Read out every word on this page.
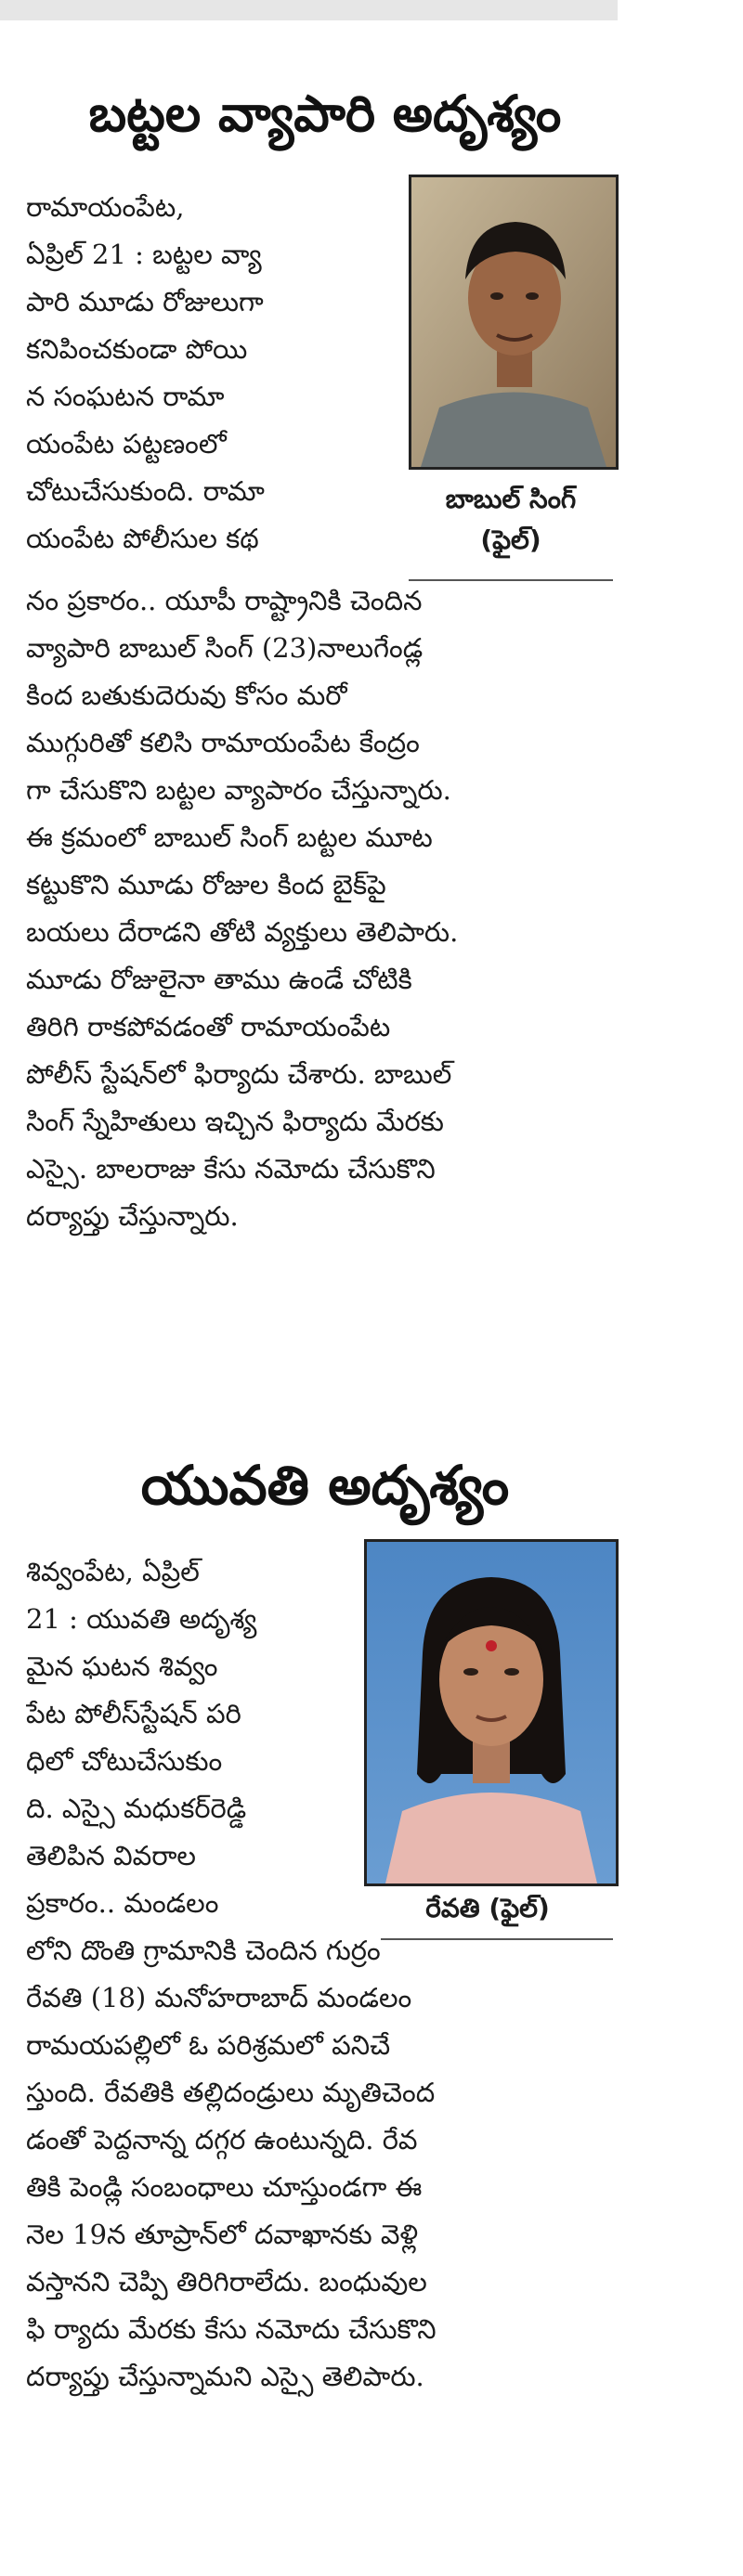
బట్టల వ్యాపారి అదృశ్యం
రామాయంపేట,
ఏప్రిల్ 21 : బట్టల వ్యా
పారి మూడు రోజులుగా
కనిపించకుండా పోయి
న సంఘటన రామా
యంపేట పట్టణంలో
చోటుచేసుకుంది. రామా
యంపేట పోలీసుల కథ
బాబుల్ సింగ్
(ఫైల్)
నం ప్రకారం.. యూపీ రాష్ట్రానికి చెందిన
వ్యాపారి బాబుల్ సింగ్ (23)నాలుగేండ్ల
కింద బతుకుదెరువు కోసం మరో
ముగ్గురితో కలిసి రామాయంపేట కేంద్రం
గా చేసుకొని బట్టల వ్యాపారం చేస్తున్నారు.
ఈ క్రమంలో బాబుల్ సింగ్ బట్టల మూట
కట్టుకొని మూడు రోజుల కింద బైక్‌పై
బయలు దేరాడని తోటి వ్యక్తులు తెలిపారు.
మూడు రోజులైనా తాము ఉండే చోటికి
తిరిగి రాకపోవడంతో రామాయంపేట
పోలీస్ స్టేషన్‌లో ఫిర్యాదు చేశారు. బాబుల్
సింగ్ స్నేహితులు ఇచ్చిన ఫిర్యాదు మేరకు
ఎస్సై. బాలరాజు కేసు నమోదు చేసుకొని
దర్యాప్తు చేస్తున్నారు.
యువతి అదృశ్యం
శివ్వంపేట, ఏప్రిల్
21 : యువతి అదృశ్య
మైన ఘటన శివ్వం
పేట పోలీస్‌స్టేషన్ పరి
ధిలో చోటుచేసుకుం
ది. ఎస్సై మధుకర్‌రెడ్డి
తెలిపిన వివరాల
ప్రకారం.. మండలం	రేవతి (ఫైల్)
లోని దొంతి గ్రామానికి చెందిన గుర్రం
రేవతి (18) మనోహరాబాద్ మండలం
రామయపల్లిలో ఓ పరిశ్రమలో పనిచే
స్తుంది. రేవతికి తల్లిదండ్రులు మృతిచెంద
డంతో పెద్దనాన్న దగ్గర ఉంటున్నది. రేవ
తికి పెండ్లి సంబంధాలు చూస్తుండగా ఈ
నెల 19న తూప్రాన్‌లో దవాఖానకు వెళ్లి
వస్తానని చెప్పి తిరిగిరాలేదు. బంధువుల
ఫి ర్యాదు మేరకు కేసు నమోదు చేసుకొని
దర్యాప్తు చేస్తున్నామని ఎస్సై తెలిపారు.
